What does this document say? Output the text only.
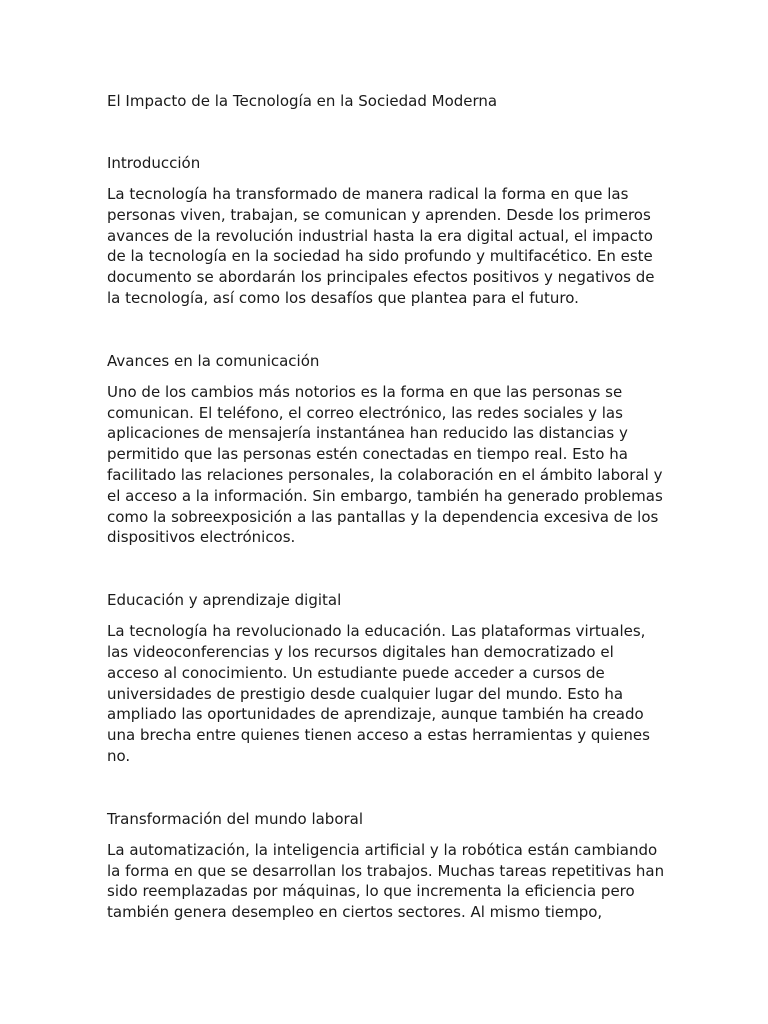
El Impacto de la Tecnología en la Sociedad Moderna
Introducción

La tecnología ha transformado de manera radical la forma en que las personas viven, trabajan, se comunican y aprenden. Desde los primeros avances de la revolución industrial hasta la era digital actual, el impacto de la tecnología en la sociedad ha sido profundo y multifacético. En este documento se abordarán los principales efectos positivos y negativos de la tecnología, así como los desafíos que plantea para el futuro.

Avances en la comunicación

Uno de los cambios más notorios es la forma en que las personas se comunican. El teléfono, el correo electrónico, las redes sociales y las aplicaciones de mensajería instantánea han reducido las distancias y permitido que las personas estén conectadas en tiempo real. Esto ha facilitado las relaciones personales, la colaboración en el ámbito laboral y el acceso a la información. Sin embargo, también ha generado problemas como la sobreexposición a las pantallas y la dependencia excesiva de los dispositivos electrónicos.

Educación y aprendizaje digital

La tecnología ha revolucionado la educación. Las plataformas virtuales, las videoconferencias y los recursos digitales han democratizado el acceso al conocimiento. Un estudiante puede acceder a cursos de universidades de prestigio desde cualquier lugar del mundo. Esto ha ampliado las oportunidades de aprendizaje, aunque también ha creado una brecha entre quienes tienen acceso a estas herramientas y quienes no.

Transformación del mundo laboral

La automatización, la inteligencia artificial y la robótica están cambiando la forma en que se desarrollan los trabajos. Muchas tareas repetitivas han sido reemplazadas por máquinas, lo que incrementa la eficiencia pero también genera desempleo en ciertos sectores. Al mismo tiempo,
